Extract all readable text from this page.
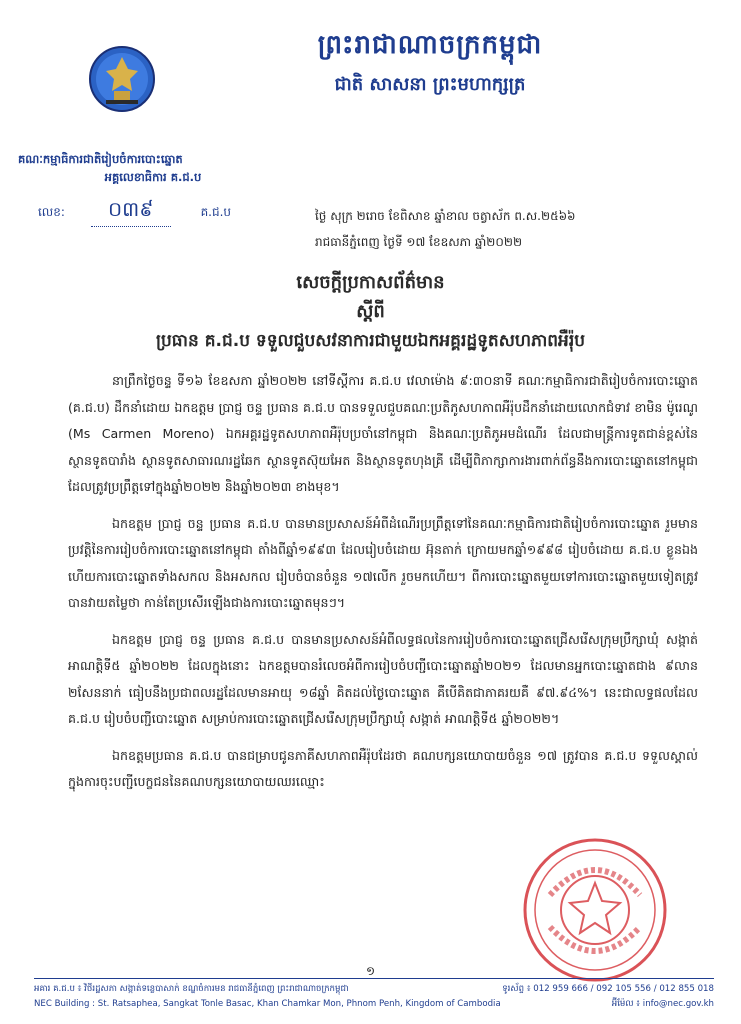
ព្រះរាជាណាចក្រកម្ពុជា
ជាតិ សាសនា ព្រះមហាក្សត្រ
គណៈកម្មាធិការជាតិរៀបចំការបោះឆ្នោត
អគ្គលេខាធិការ គ.ជ.ប
លេខ: ០៣៩	គ.ជ.ប	ថ្ងៃ សុក្រ ២រោច ខែពិសាខ ឆ្នាំខាល ចត្វាស័ក ព.ស.២៥៦៦
រាជធានីភ្នំពេញ ថ្ងៃទី ១៧ ខែឧសភា ឆ្នាំ២០២២
សេចក្តីប្រកាសព័ត៌មាន
ស្តីពី
ប្រធាន គ.ជ.ប ទទួលជួបសវនាការជាមួយឯកអគ្គរដ្ឋទូតសហភាពអឺរ៉ុប

នាព្រឹកថ្ងៃចន្ទ ទី១៦ ខែឧសភា ឆ្នាំ២០២២ នៅទីស្តីការ គ.ជ.ប វេលាម៉ោង ៩:៣០នាទី គណៈកម្មាធិការជាតិរៀបចំការបោះឆ្នោត (គ.ជ.ប) ដឹកនាំដោយ ឯកឧត្តម ប្រាជ្ញ ចន្ទ ប្រធាន គ.ជ.ប បានទទួលជួបគណៈប្រតិភូសហភាពអឺរ៉ុបដឹកនាំដោយលោកជំទាវ ខាមិន ម៉ូរេណូ (Ms Carmen Moreno) ឯកអគ្គរដ្ឋទូតសហភាពអឺរ៉ុបប្រចាំនៅកម្ពុជា និងគណៈប្រតិភូអមដំណើរ ដែលជាមន្ត្រីការទូតជាន់ខ្ពស់នៃស្ថានទូតបារាំង ស្ថានទូតសាធារណរដ្ឋឆែក ស្ថានទូតស៊ុយអែត និងស្ថានទូតហុងគ្រី ដើម្បីពិភាក្សាការងារពាក់ព័ន្ធនឹងការបោះឆ្នោតនៅកម្ពុជា ដែលត្រូវប្រព្រឹត្តទៅក្នុងឆ្នាំ២០២២ និងឆ្នាំ២០២៣ ខាងមុខ។

ឯកឧត្តម ប្រាជ្ញ ចន្ទ ប្រធាន គ.ជ.ប បានមានប្រសាសន៍អំពីដំណើរប្រព្រឹត្តទៅនៃគណៈកម្មាធិការជាតិរៀបចំការបោះឆ្នោត រួមមាន ប្រវត្តិនៃការរៀបចំការបោះឆ្នោតនៅកម្ពុជា តាំងពីឆ្នាំ១៩៩៣ ដែលរៀបចំដោយ អ៊ុនតាក់ ក្រោយមកឆ្នាំ១៩៩៨ រៀបចំដោយ គ.ជ.ប ខ្លួនឯង ហើយការបោះឆ្នោតទាំងសកល និងអសកល រៀបចំបានចំនួន ១៧លើក រួចមកហើយ។ ពីការបោះឆ្នោតមួយទៅការបោះឆ្នោតមួយទៀតត្រូវបានវាយតម្លៃថា កាន់តែប្រសើរឡើងជាងការបោះឆ្នោតមុនៗ។

ឯកឧត្តម ប្រាជ្ញ ចន្ទ ប្រធាន គ.ជ.ប បានមានប្រសាសន៍អំពីលទ្ធផលនៃការរៀបចំការបោះឆ្នោតជ្រើសរើសក្រុមប្រឹក្សាឃុំ សង្កាត់ អាណត្តិទី៥ ឆ្នាំ២០២២ ដែលក្នុងនោះ ឯកឧត្តមបានរំលេចអំពីការរៀបចំបញ្ជីបោះឆ្នោតឆ្នាំ២០២១ ដែលមានអ្នកបោះឆ្នោតជាង ៩លាន ២សែននាក់ ធៀបនឹងប្រជាពលរដ្ឋដែលមានអាយុ ១៨ឆ្នាំ គិតដល់ថ្ងៃបោះឆ្នោត គឺបើគិតជាភាគរយគឺ ៩៧.៩៤%។ នេះជាលទ្ធផលដែល គ.ជ.ប រៀបចំបញ្ជីបោះឆ្នោត សម្រាប់ការបោះឆ្នោតជ្រើសរើសក្រុមប្រឹក្សាឃុំ សង្កាត់ អាណត្តិទី៥ ឆ្នាំ២០២២។

ឯកឧត្តមប្រធាន គ.ជ.ប បានជម្រាបជូនភាគីសហភាពអឺរ៉ុបដែរថា គណបក្សនយោបាយចំនួន ១៧ ត្រូវបាន គ.ជ.ប ទទួលស្គាល់ក្នុងការចុះបញ្ជីបេក្ខជននៃគណបក្សនយោបាយឈរឈ្មោះ

១
អគារ គ.ជ.ប ៖ វិថីរដ្ឋសភា សង្កាត់ទន្លេបាសាក់ ខណ្ឌចំការមន រាជធានីភ្នំពេញ ព្រះរាជាណាចក្រកម្ពុជា	ទូរស័ព្ទ ៖ 012 959 666 / 092 105 556 / 012 855 018
NEC Building : St. Ratsaphea, Sangkat Tonle Basac, Khan Chamkar Mon, Phnom Penh, Kingdom of Cambodia	អ៊ីម៉ែល ៖ info@nec.gov.kh
